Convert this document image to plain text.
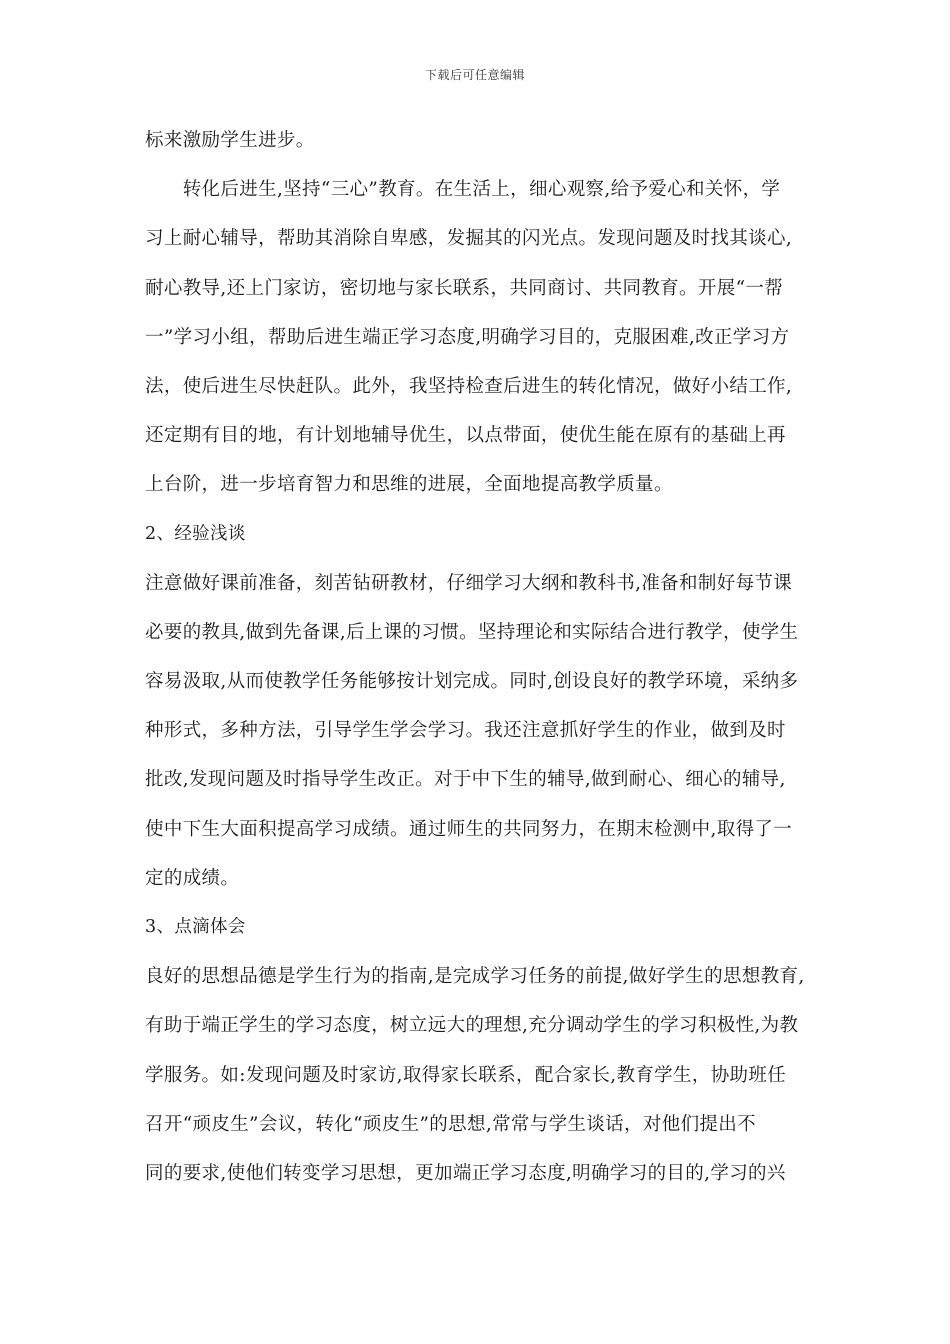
下载后可任意编辑
标来激励学生进步。
　　转化后进生,坚持“三心”教育。在生活上，细心观察,给予爱心和关怀，学
习上耐心辅导，帮助其消除自卑感，发掘其的闪光点。发现问题及时找其谈心,
耐心教导,还上门家访，密切地与家长联系，共同商讨、共同教育。开展“一帮
一”学习小组，帮助后进生端正学习态度,明确学习目的，克服困难,改正学习方
法，使后进生尽快赶队。此外，我坚持检查后进生的转化情况，做好小结工作,
还定期有目的地，有计划地辅导优生，以点带面，使优生能在原有的基础上再
上台阶，进一步培育智力和思维的进展，全面地提高教学质量。
2、经验浅谈
注意做好课前准备，刻苦钻研教材，仔细学习大纲和教科书,准备和制好每节课
必要的教具,做到先备课,后上课的习惯。坚持理论和实际结合进行教学，使学生
容易汲取,从而使教学任务能够按计划完成。同时,创设良好的教学环境，采纳多
种形式，多种方法，引导学生学会学习。我还注意抓好学生的作业，做到及时
批改,发现问题及时指导学生改正。对于中下生的辅导,做到耐心、细心的辅导,
使中下生大面积提高学习成绩。通过师生的共同努力，在期末检测中,取得了一
定的成绩。
3、点滴体会
良好的思想品德是学生行为的指南,是完成学习任务的前提,做好学生的思想教育,
有助于端正学生的学习态度，树立远大的理想,充分调动学生的学习积极性,为教
学服务。如:发现问题及时家访,取得家长联系，配合家长,教育学生，协助班任
召开“顽皮生”会议，转化“顽皮生”的思想,常常与学生谈话，对他们提出不
同的要求,使他们转变学习思想，更加端正学习态度,明确学习的目的,学习的兴
